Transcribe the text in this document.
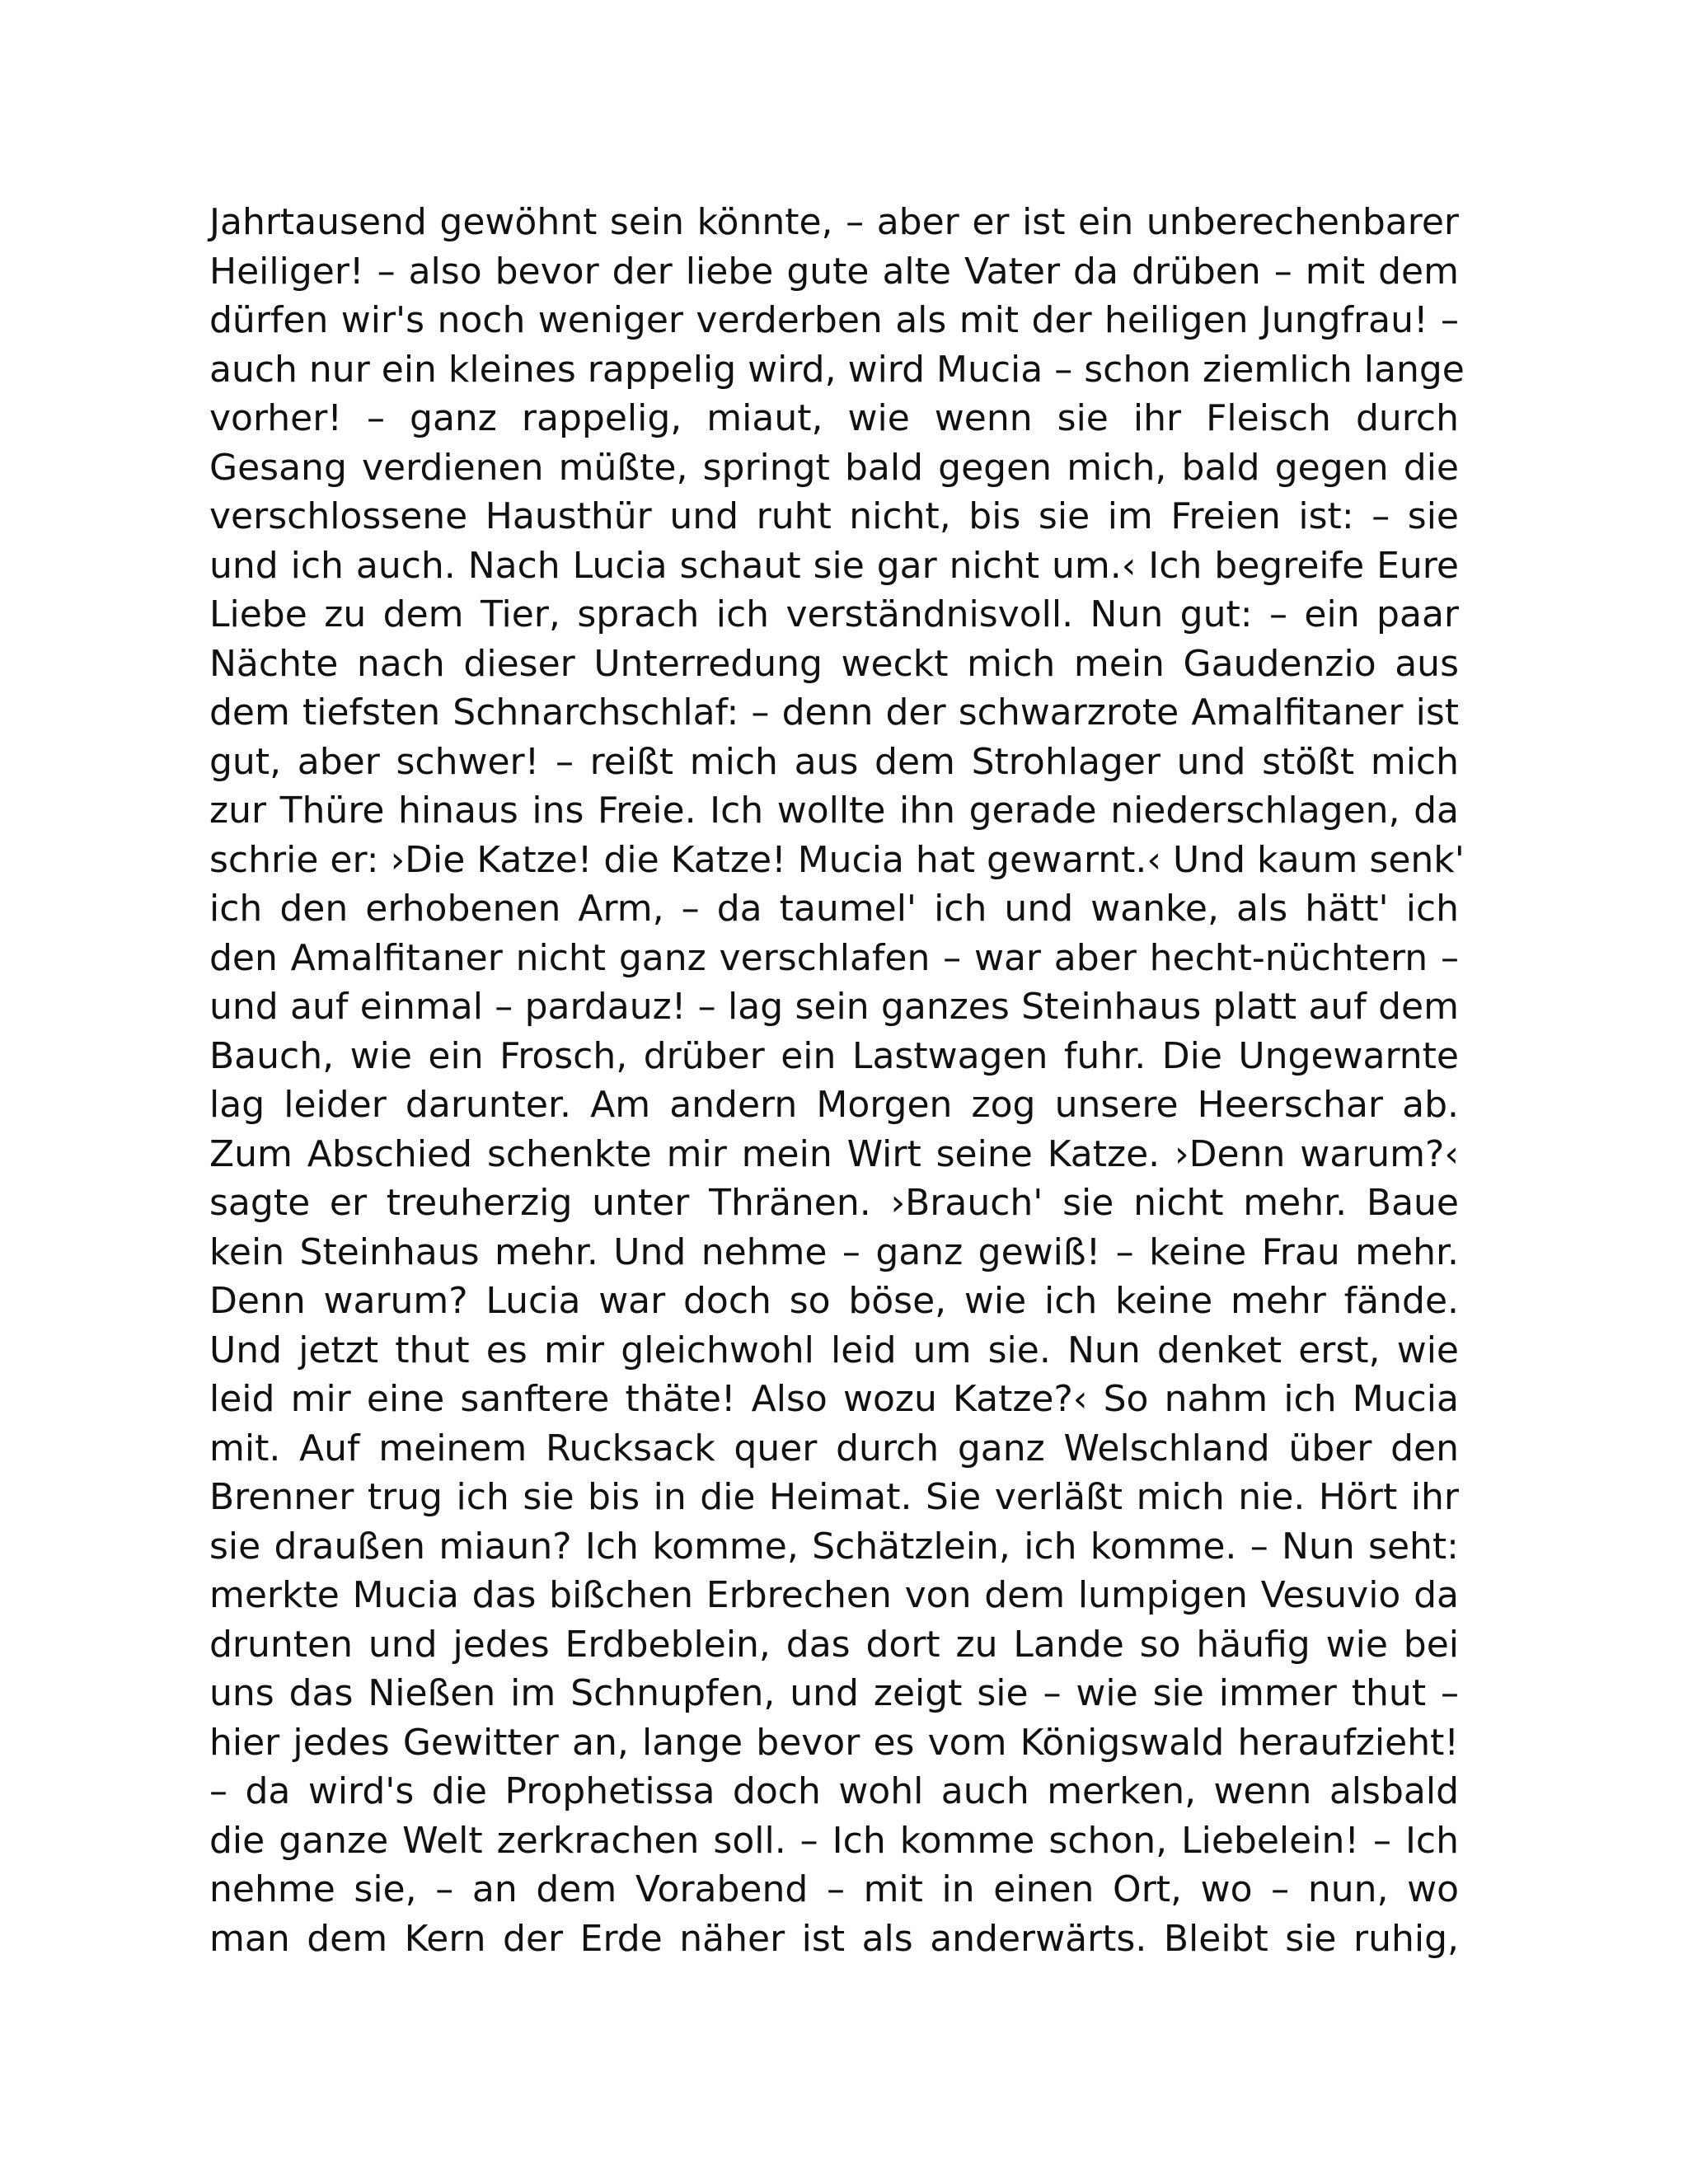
Jahrtausend gewöhnt sein könnte, – aber er ist ein unberechenbarer
Heiliger! – also bevor der liebe gute alte Vater da drüben – mit dem
dürfen wir's noch weniger verderben als mit der heiligen Jungfrau! –
auch nur ein kleines rappelig wird, wird Mucia – schon ziemlich lange
vorher! – ganz rappelig, miaut, wie wenn sie ihr Fleisch durch
Gesang verdienen müßte, springt bald gegen mich, bald gegen die
verschlossene Hausthür und ruht nicht, bis sie im Freien ist: – sie
und ich auch. Nach Lucia schaut sie gar nicht um.‹ Ich begreife Eure
Liebe zu dem Tier, sprach ich verständnisvoll. Nun gut: – ein paar
Nächte nach dieser Unterredung weckt mich mein Gaudenzio aus
dem tiefsten Schnarchschlaf: – denn der schwarzrote Amalfitaner ist
gut, aber schwer! – reißt mich aus dem Strohlager und stößt mich
zur Thüre hinaus ins Freie. Ich wollte ihn gerade niederschlagen, da
schrie er: ›Die Katze! die Katze! Mucia hat gewarnt.‹ Und kaum senk'
ich den erhobenen Arm, – da taumel' ich und wanke, als hätt' ich
den Amalfitaner nicht ganz verschlafen – war aber hecht-nüchtern –
und auf einmal – pardauz! – lag sein ganzes Steinhaus platt auf dem
Bauch, wie ein Frosch, drüber ein Lastwagen fuhr. Die Ungewarnte
lag leider darunter. Am andern Morgen zog unsere Heerschar ab.
Zum Abschied schenkte mir mein Wirt seine Katze. ›Denn warum?‹
sagte er treuherzig unter Thränen. ›Brauch' sie nicht mehr. Baue
kein Steinhaus mehr. Und nehme – ganz gewiß! – keine Frau mehr.
Denn warum? Lucia war doch so böse, wie ich keine mehr fände.
Und jetzt thut es mir gleichwohl leid um sie. Nun denket erst, wie
leid mir eine sanftere thäte! Also wozu Katze?‹ So nahm ich Mucia
mit. Auf meinem Rucksack quer durch ganz Welschland über den
Brenner trug ich sie bis in die Heimat. Sie verläßt mich nie. Hört ihr
sie draußen miaun? Ich komme, Schätzlein, ich komme. – Nun seht:
merkte Mucia das bißchen Erbrechen von dem lumpigen Vesuvio da
drunten und jedes Erdbeblein, das dort zu Lande so häufig wie bei
uns das Nießen im Schnupfen, und zeigt sie – wie sie immer thut –
hier jedes Gewitter an, lange bevor es vom Königswald heraufzieht!
– da wird's die Prophetissa doch wohl auch merken, wenn alsbald
die ganze Welt zerkrachen soll. – Ich komme schon, Liebelein! – Ich
nehme sie, – an dem Vorabend – mit in einen Ort, wo – nun, wo
man dem Kern der Erde näher ist als anderwärts. Bleibt sie ruhig,
